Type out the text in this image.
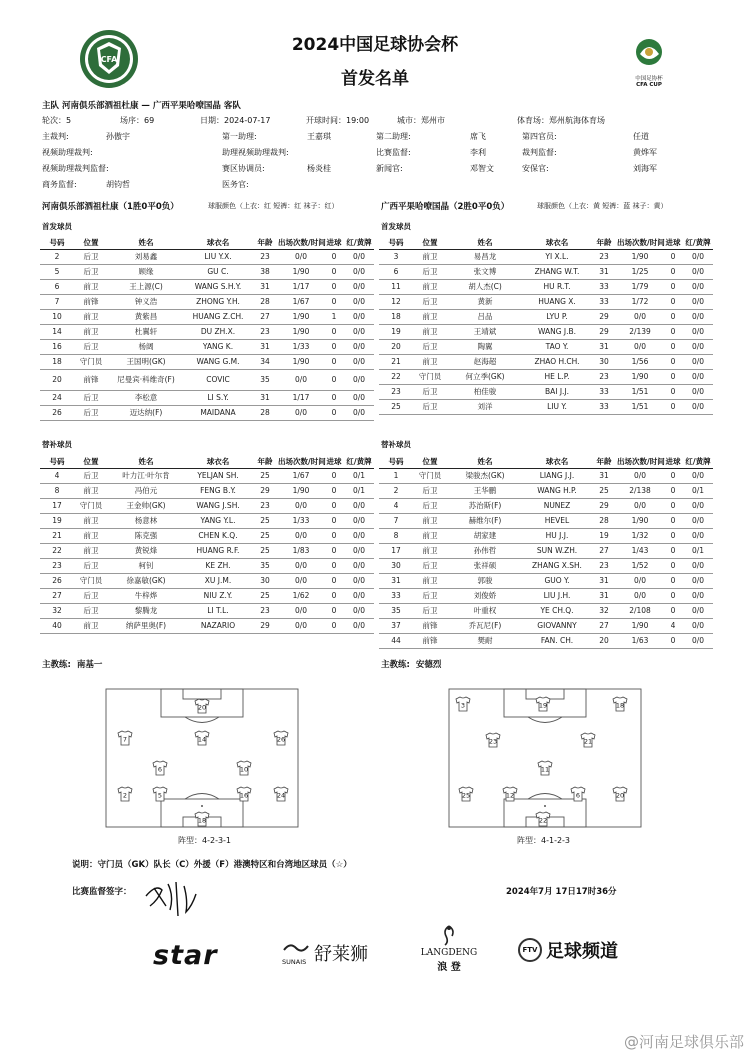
CFA
2024中国足球协会杯
首发名单	中国足协杯
CFA CUP
主队 河南俱乐部酒祖杜康 — 广西平果哈嘹国晶 客队
轮次：5	场序：69	日期：2024-07-17	开球时间：19:00	城市：郑州市	体育场：郑州航海体育场
主裁判:	孙傲宇	第一助理:	王嘉琪	第二助理:	席飞	第四官员:	任道
视频助理裁判:	助理视频助理裁判:	比赛监督:	李利	裁判监督:	黄烨军
视频助理裁判监督:	赛区协调员:	杨炎桂	新闻官:	邓智文	安保官:	刘海军
商务监督:	胡钧哲	医务官:
河南俱乐部酒祖杜康（1胜0平0负）	球服颜色（上衣：红 短裤：红 袜子：红）
首发球员
广西平果哈嘹国晶（2胜0平0负）	球服颜色（上衣：黄 短裤：蓝 袜子：黄）
首发球员
号码	位置	姓名	球衣名	年龄	出场次数/时间	进球	红/黄牌
2	后卫	刘易鑫	LIU Y.X.	23	0/0	0	0/0
5	后卫	顾缘	GU C.	38	1/90	0	0/0
6	前卫	王上源(C)	WANG S.H.Y.	31	1/17	0	0/0
7	前锋	钟义浩	ZHONG Y.H.	28	1/67	0	0/0
10	前卫	黄紫昌	HUANG Z.CH.	27	1/90	1	0/0
14	前卫	杜翼轩	DU ZH.X.	23	1/90	0	0/0
16	后卫	杨阔	YANG K.	31	1/33	0	0/0
18	守门员	王国明(GK)	WANG G.M.	34	1/90	0	0/0
20	前锋	尼曼宾·科维奇(F)	COVIC	35	0/0	0	0/0
24	后卫	李松意	LI S.Y.	31	1/17	0	0/0
26	后卫	迈达纳(F)	MAIDANA	28	0/0	0	0/0
号码	位置	姓名	球衣名	年龄	出场次数/时间	进球	红/黄牌
3	前卫	易昌龙	YI X.L.	23	1/90	0	0/0
6	后卫	张文博	ZHANG W.T.	31	1/25	0	0/0
11	前卫	胡人杰(C)	HU R.T.	33	1/79	0	0/0
12	后卫	黄新	HUANG X.	33	1/72	0	0/0
18	前卫	吕品	LYU P.	29	0/0	0	0/0
19	前卫	王靖斌	WANG J.B.	29	2/139	0	0/0
20	后卫	陶翼	TAO Y.	31	0/0	0	0/0
21	前卫	赵海超	ZHAO H.CH.	30	1/56	0	0/0
22	守门员	何立季(GK)	HE L.P.	23	1/90	0	0/0
23	后卫	柏佳骏	BAI J.J.	33	1/51	0	0/0
25	后卫	刘洋	LIU Y.	33	1/51	0	0/0
替补球员	替补球员
号码	位置	姓名	球衣名	年龄	出场次数/时间	进球	红/黄牌
4	后卫	叶力江·叶尔肯	YELJAN SH.	25	1/67	0	0/1
8	前卫	冯伯元	FENG B.Y.	29	1/90	0	0/1
17	守门员	王金帅(GK)	WANG J.SH.	23	0/0	0	0/0
19	前卫	杨意林	YANG Y.L.	25	1/33	0	0/0
21	前卫	陈克强	CHEN K.Q.	25	0/0	0	0/0
22	前卫	黄锐烽	HUANG R.F.	25	1/83	0	0/0
23	后卫	柯钊	KE ZH.	35	0/0	0	0/0
26	守门员	徐嘉敏(GK)	XU J.M.	30	0/0	0	0/0
27	后卫	牛梓烨	NIU Z.Y.	25	1/62	0	0/0
32	后卫	黎腾龙	LI T.L.	23	0/0	0	0/0
40	前卫	纳萨里奥(F)	NAZARIO	29	0/0	0	0/0
号码	位置	姓名	球衣名	年龄	出场次数/时间	进球	红/黄牌
1	守门员	梁骏杰(GK)	LIANG J.J.	31	0/0	0	0/0
2	后卫	王华鹏	WANG H.P.	25	2/138	0	0/1
4	后卫	苏治斯(F)	NUNEZ	29	0/0	0	0/0
7	前卫	赫维尔(F)	HEVEL	28	1/90	0	0/0
8	前卫	胡家建	HU J.J.	19	1/32	0	0/0
17	前卫	孙伟哲	SUN W.ZH.	27	1/43	0	0/1
30	后卫	张祥硕	ZHANG X.SH.	23	1/52	0	0/0
31	前卫	郭骏	GUO Y.	31	0/0	0	0/0
33	后卫	刘俊娇	LIU J.H.	31	0/0	0	0/0
35	后卫	叶重权	YE CH.Q.	32	2/108	0	0/0
37	前锋	乔瓦尼(F)	GIOVANNY	27	1/90	4	0/0
44	前锋	樊耐	FAN. CH.	20	1/63	0	0/0
主教练: 南基一	主教练: 安德烈
20
7	14	26
6	10
2	5	16	24
18
3	19	18
23	21
11
25	12	6	20
22
阵型：4-2-3-1	阵型：4-1-2-3
说明：守门员（GK）队长（C）外援（F）港澳特区和台湾地区球员（☆）
比赛监督签字：	2024年7月 17日17时36分
star	SUNAIS 舒莱狮	LANGDENG
浪 登
FTV 足球频道
@河南足球俱乐部
